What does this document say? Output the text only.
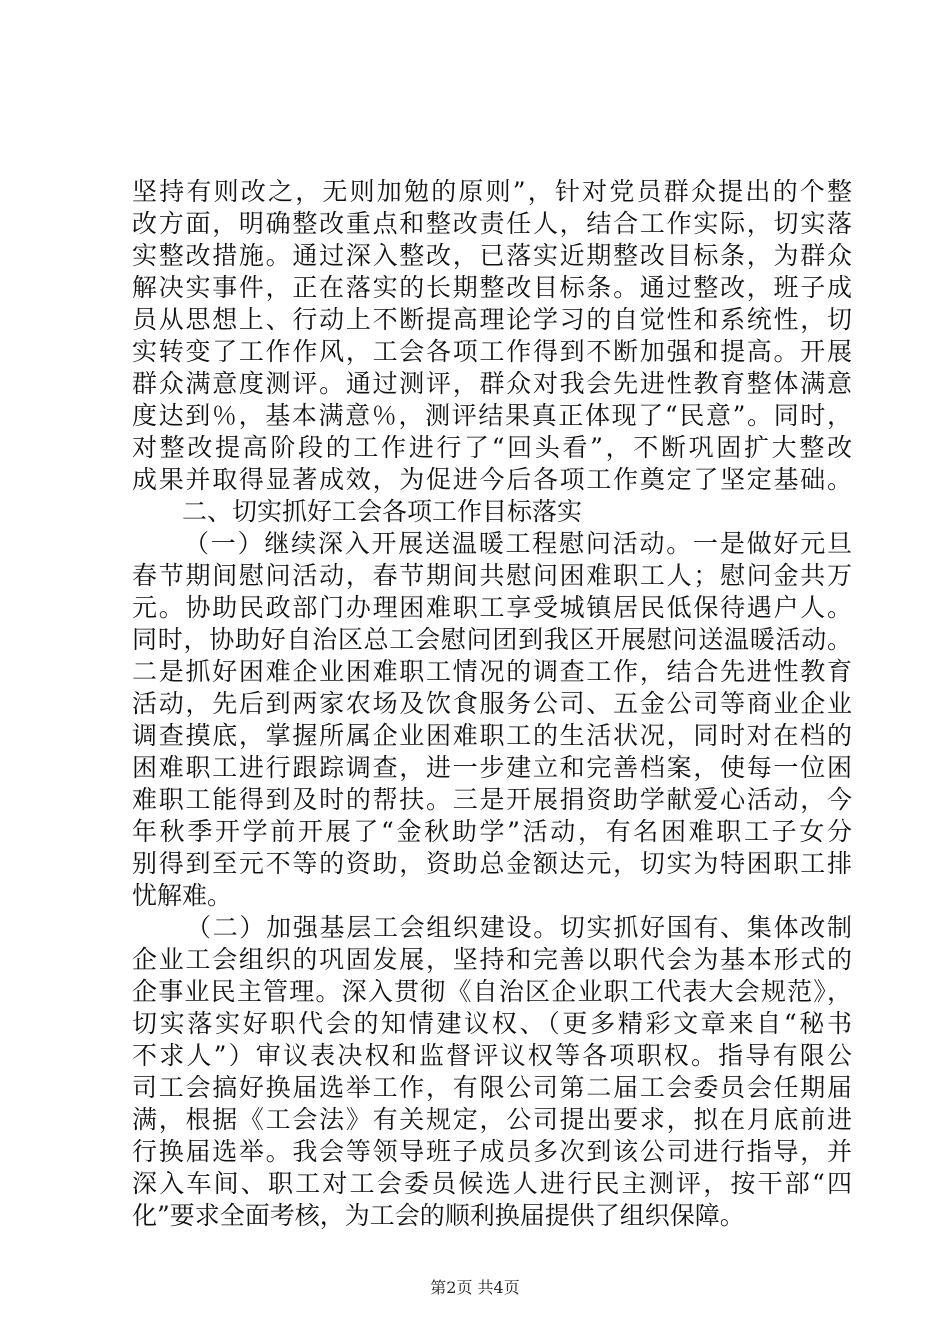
坚持有则改之，无则加勉的原则”，针对党员群众提出的个整
改方面，明确整改重点和整改责任人，结合工作实际，切实落
实整改措施。通过深入整改，已落实近期整改目标条，为群众
解决实事件，正在落实的长期整改目标条。通过整改，班子成
员从思想上、行动上不断提高理论学习的自觉性和系统性，切
实转变了工作作风，工会各项工作得到不断加强和提高。开展
群众满意度测评。通过测评，群众对我会先进性教育整体满意
度达到％，基本满意％，测评结果真正体现了“民意”。同时，
对整改提高阶段的工作进行了“回头看”，不断巩固扩大整改
成果并取得显著成效，为促进今后各项工作奠定了坚定基础。
二、切实抓好工会各项工作目标落实
（一）继续深入开展送温暖工程慰问活动。一是做好元旦
春节期间慰问活动，春节期间共慰问困难职工人；慰问金共万
元。协助民政部门办理困难职工享受城镇居民低保待遇户人。
同时，协助好自治区总工会慰问团到我区开展慰问送温暖活动。
二是抓好困难企业困难职工情况的调查工作，结合先进性教育
活动，先后到两家农场及饮食服务公司、五金公司等商业企业
调查摸底，掌握所属企业困难职工的生活状况，同时对在档的
困难职工进行跟踪调查，进一步建立和完善档案，使每一位困
难职工能得到及时的帮扶。三是开展捐资助学献爱心活动，今
年秋季开学前开展了“金秋助学”活动，有名困难职工子女分
别得到至元不等的资助，资助总金额达元，切实为特困职工排
忧解难。
（二）加强基层工会组织建设。切实抓好国有、集体改制
企业工会组织的巩固发展，坚持和完善以职代会为基本形式的
企事业民主管理。深入贯彻《自治区企业职工代表大会规范》，
切实落实好职代会的知情建议权、（更多精彩文章来自“秘书
不求人”）审议表决权和监督评议权等各项职权。指导有限公
司工会搞好换届选举工作，有限公司第二届工会委员会任期届
满，根据《工会法》有关规定，公司提出要求，拟在月底前进
行换届选举。我会等领导班子成员多次到该公司进行指导，并
深入车间、职工对工会委员候选人进行民主测评，按干部“四
化”要求全面考核，为工会的顺利换届提供了组织保障。
第2页 共4页
